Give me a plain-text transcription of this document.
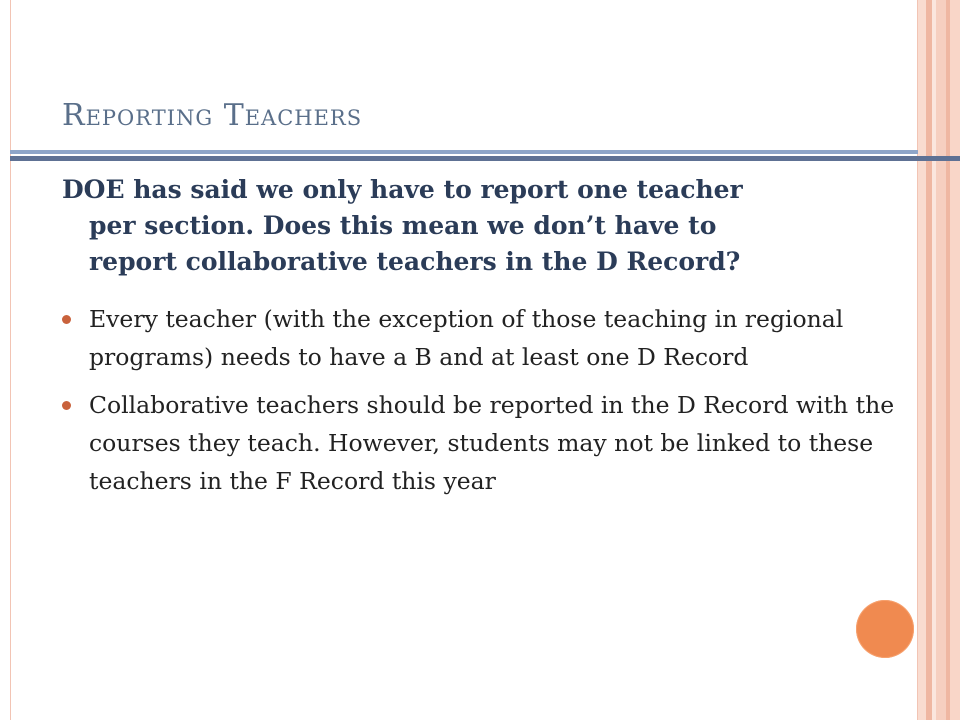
Reporting Teachers
DOE has said we only have to report one teacher
per section. Does this mean we don’t have to
report collaborative teachers in the D Record?
Every teacher (with the exception of those teaching in regional programs) needs to have a B and at least one D Record
Collaborative teachers should be reported in the D Record with the courses they teach. However, students may not be linked to these teachers in the F Record this year
